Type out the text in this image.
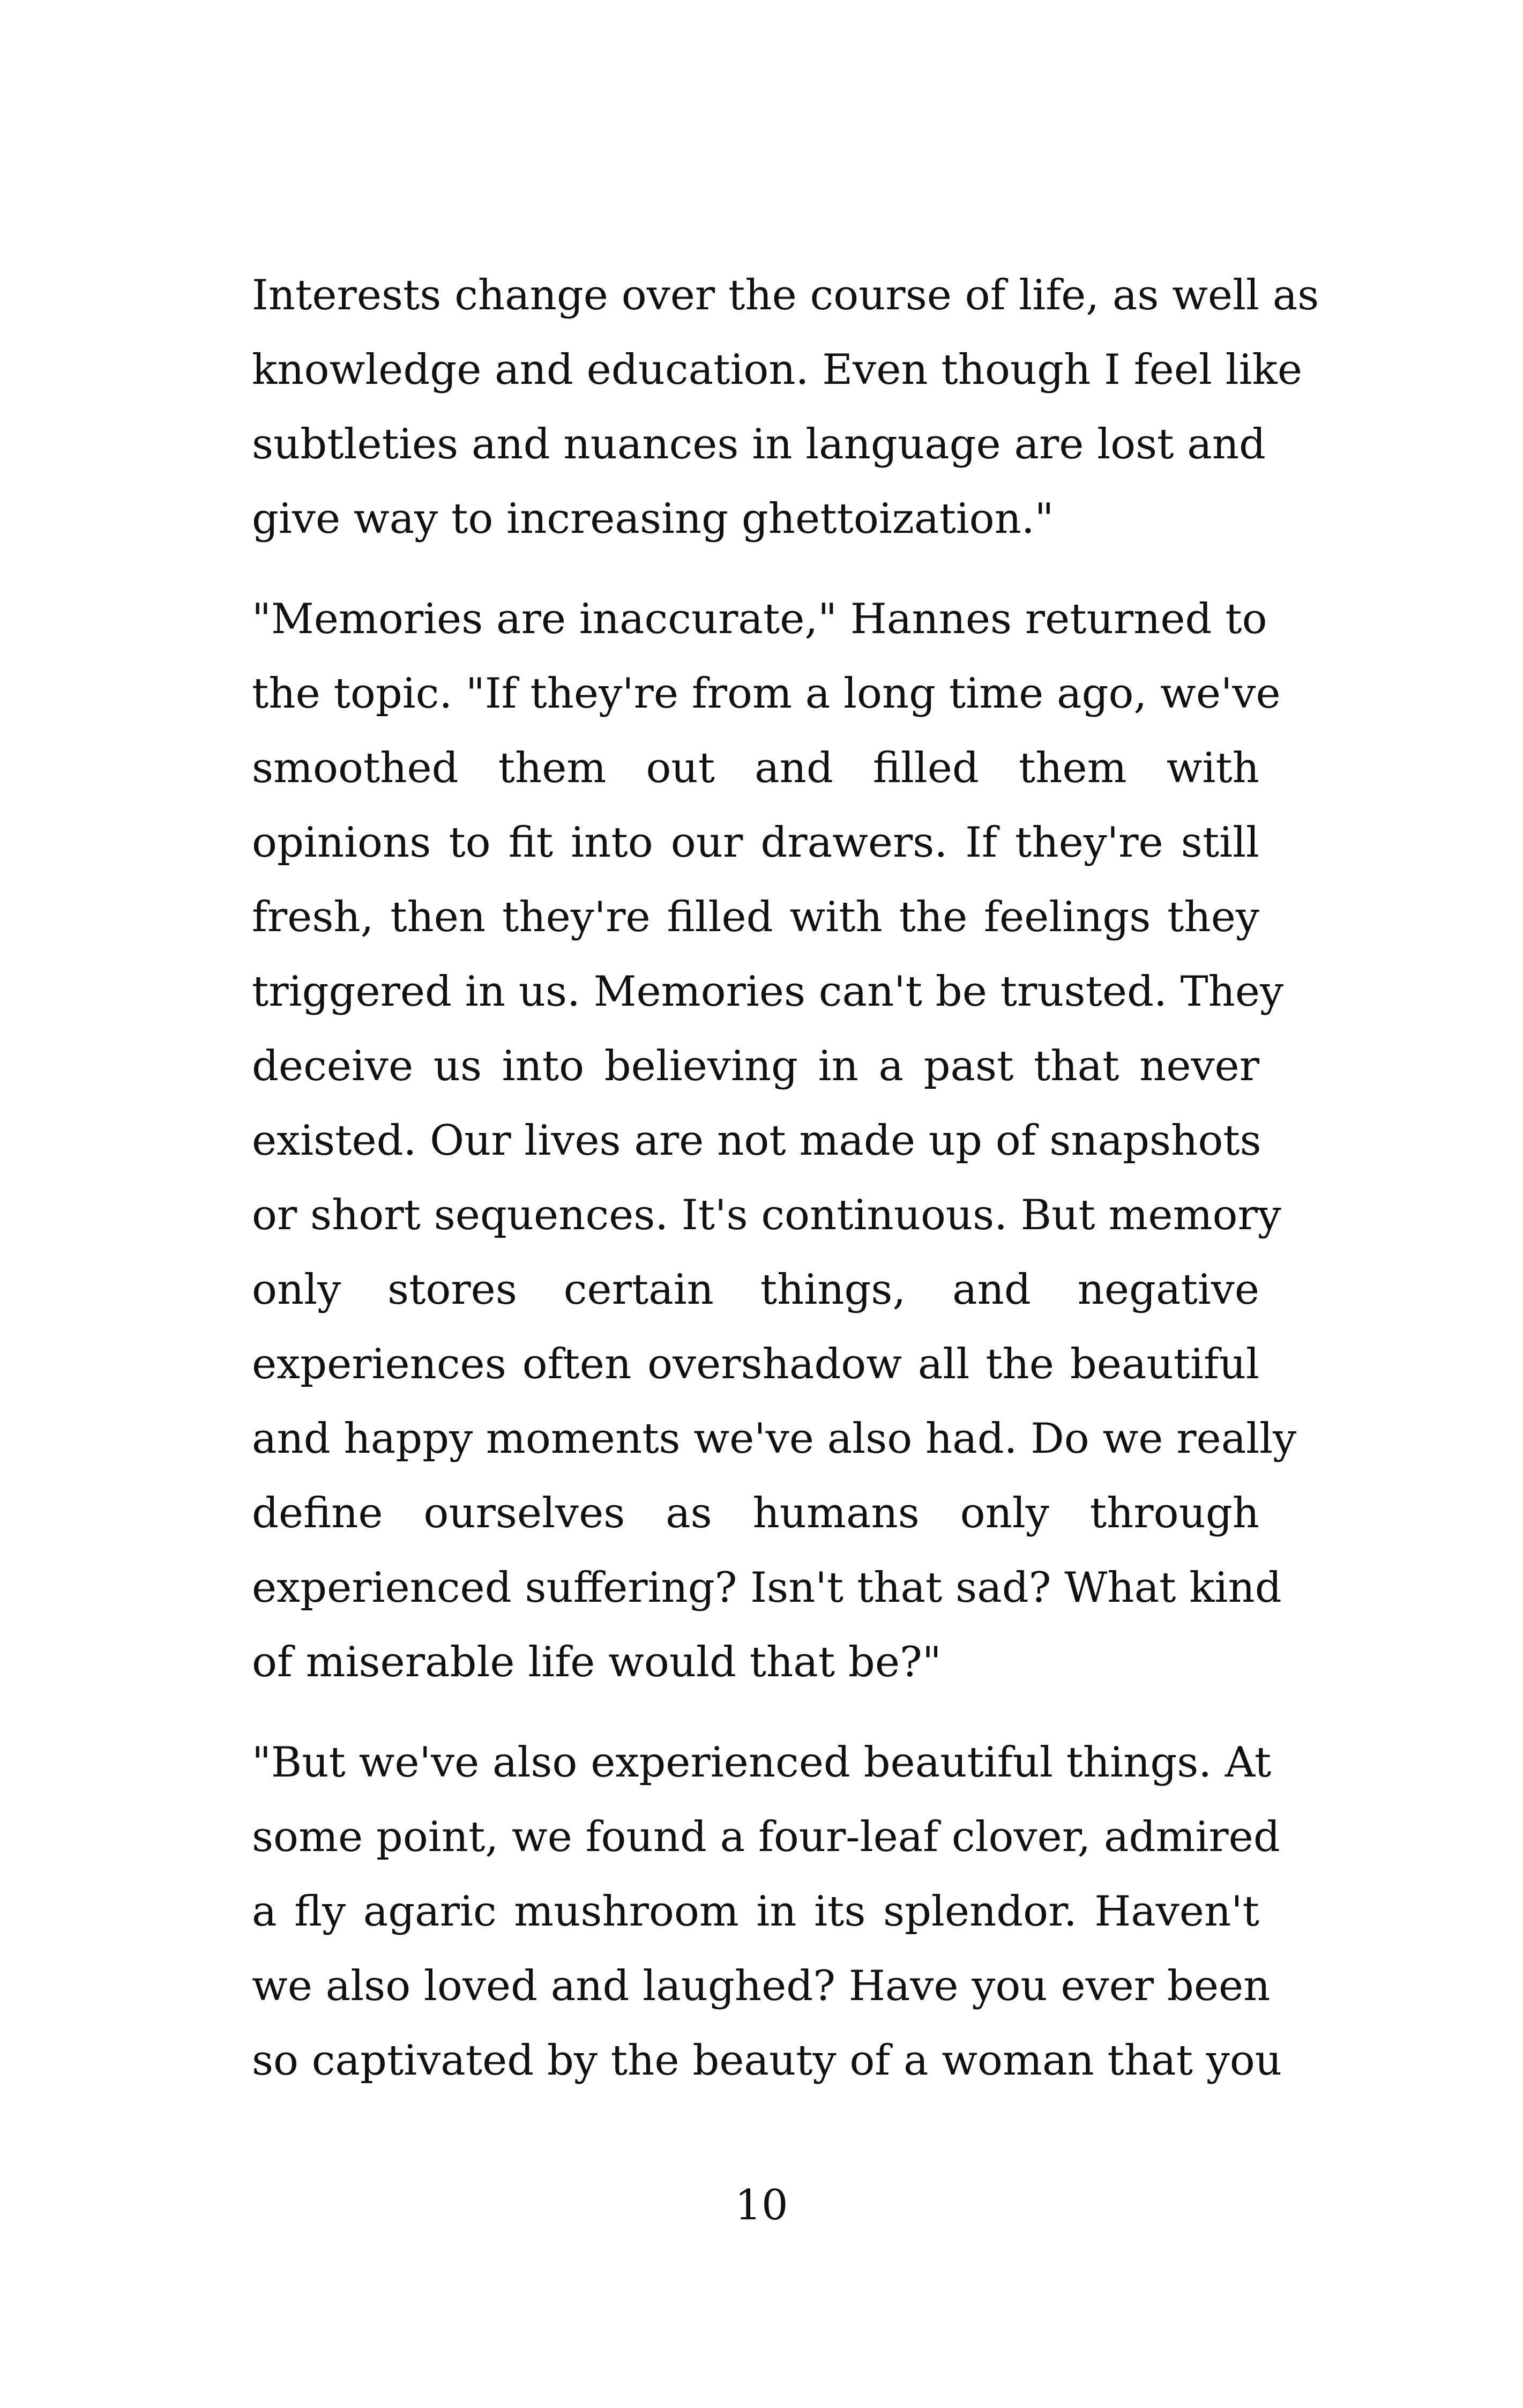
Interests change over the course of life, as well as
knowledge and education. Even though I feel like
subtleties and nuances in language are lost and
give way to increasing ghettoization."

"Memories are inaccurate," Hannes returned to
the topic. "If they're from a long time ago, we've
smoothed them out and filled them with
opinions to fit into our drawers. If they're still
fresh, then they're filled with the feelings they
triggered in us. Memories can't be trusted. They
deceive us into believing in a past that never
existed. Our lives are not made up of snapshots
or short sequences. It's continuous. But memory
only stores certain things, and negative
experiences often overshadow all the beautiful
and happy moments we've also had. Do we really
define ourselves as humans only through
experienced suffering? Isn't that sad? What kind
of miserable life would that be?"

"But we've also experienced beautiful things. At
some point, we found a four-leaf clover, admired
a fly agaric mushroom in its splendor. Haven't
we also loved and laughed? Have you ever been
so captivated by the beauty of a woman that you

10
